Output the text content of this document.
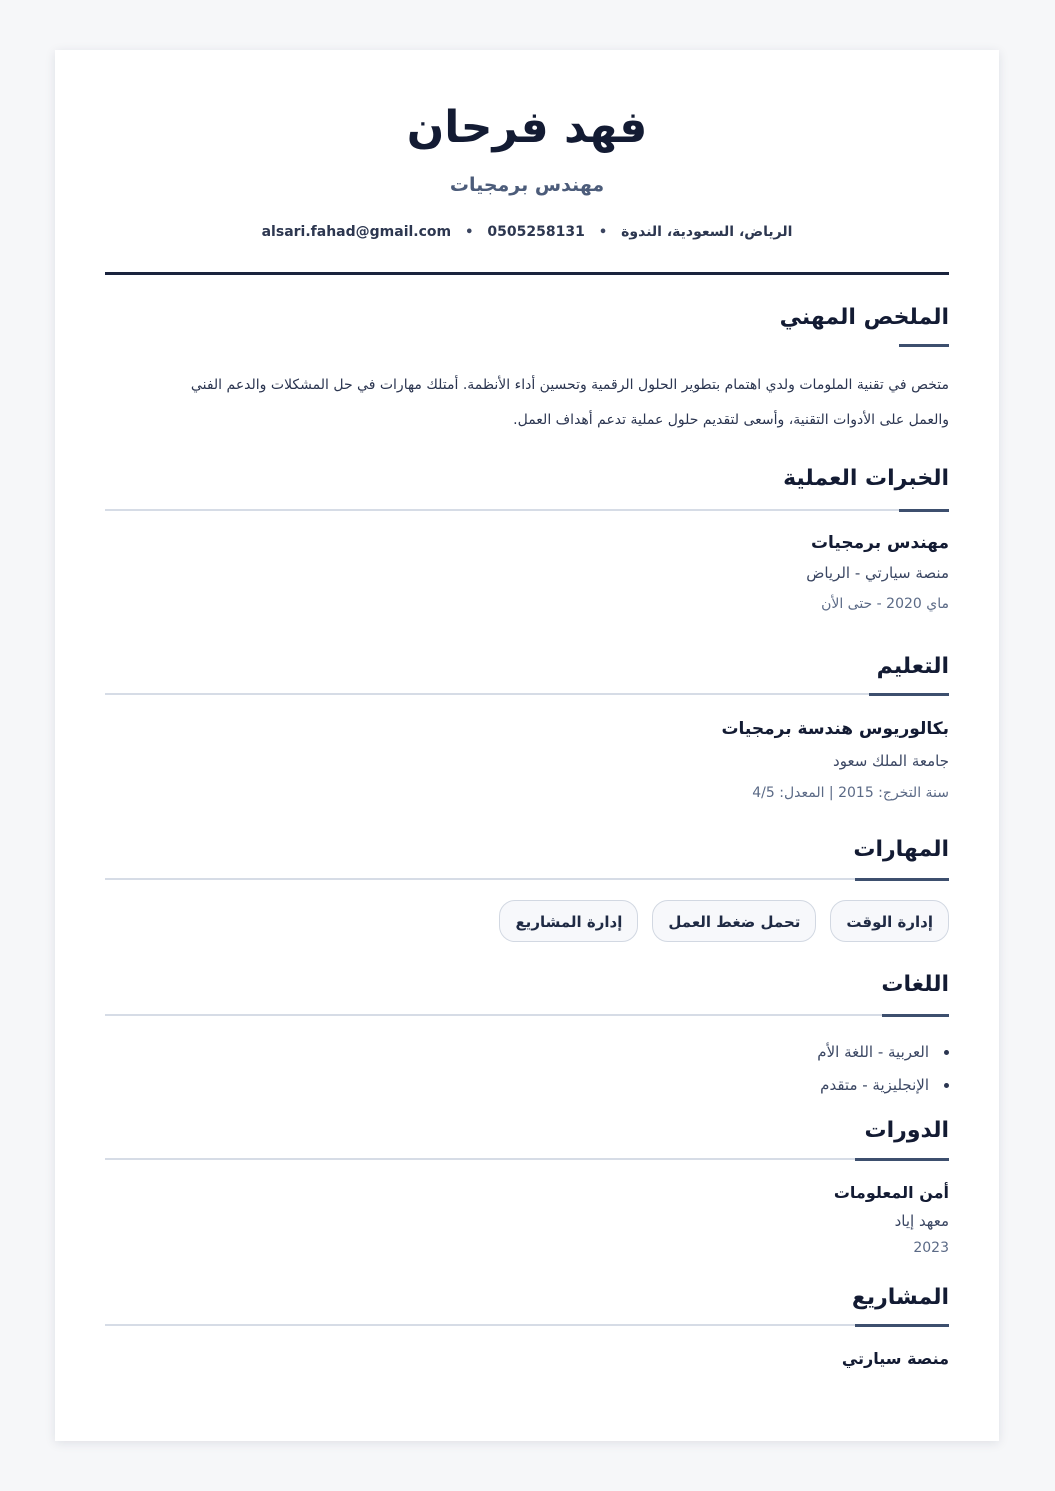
فهد فرحان
مهندس برمجيات
الرياض، السعودية، الندوة•0505258131•alsari.fahad@gmail.com
الملخص المهني
متخص في تقنية الملومات ولدي اهتمام بتطوير الحلول الرقمية وتحسين أداء الأنظمة. أمتلك مهارات في حل المشكلات والدعم الفني
والعمل على الأدوات التقنية، وأسعى لتقديم حلول عملية تدعم أهداف العمل.
الخبرات العملية
مهندس برمجيات
منصة سيارتي - الرياض
ماي 2020 - حتى الأن
التعليم
بكالوريوس هندسة برمجيات
جامعة الملك سعود
سنة التخرج: 2015 | المعدل: 4/5
المهارات
إدارة الوقت
تحمل ضغط العمل
إدارة المشاريع
اللغات
العربية - اللغة الأم
الإنجليزية - متقدم
الدورات
أمن المعلومات
معهد إياد
2023
المشاريع
منصة سيارتي
